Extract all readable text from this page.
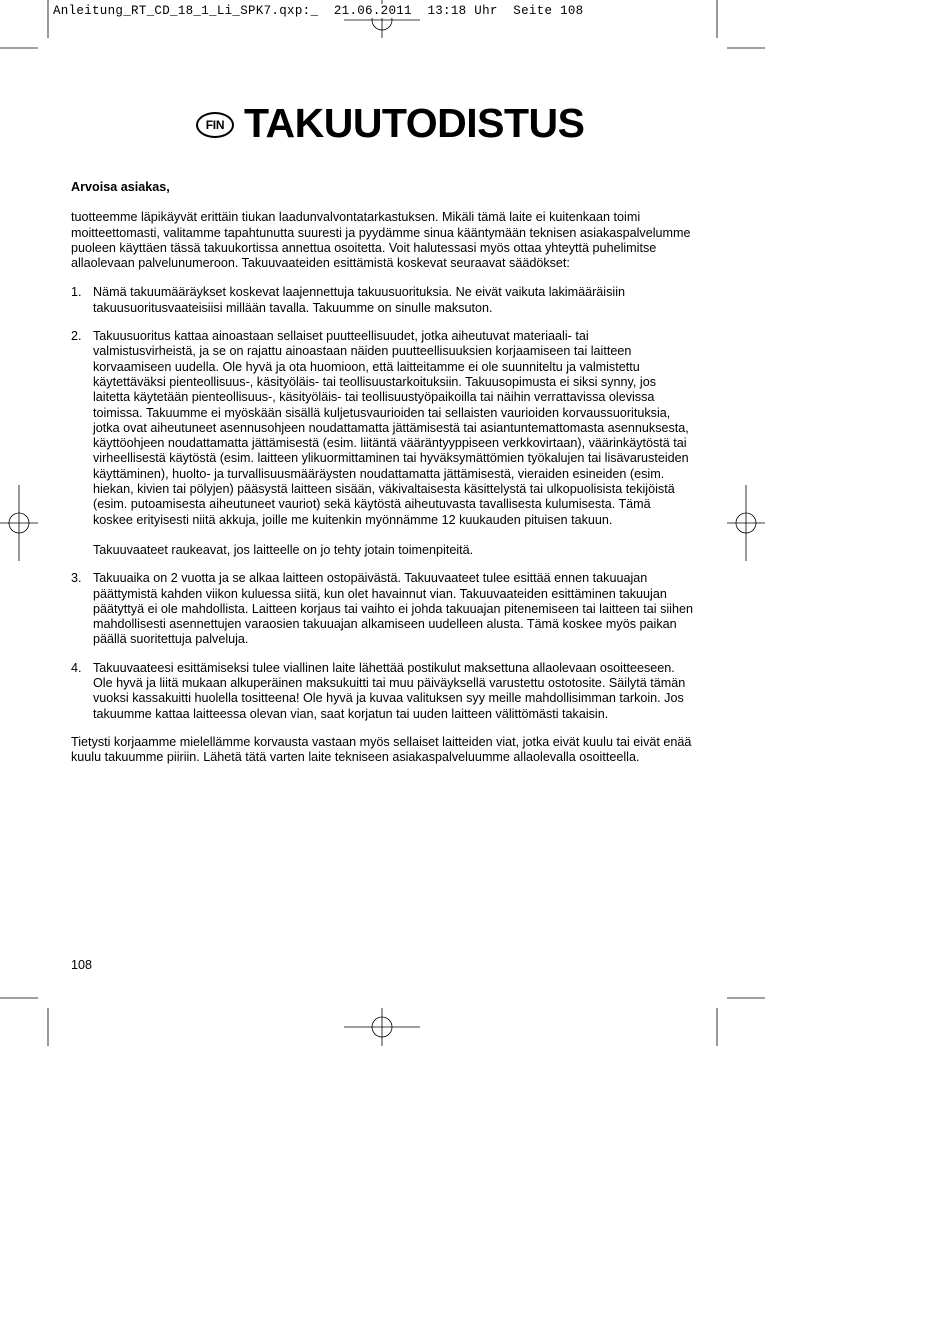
Anleitung_RT_CD_18_1_Li_SPK7.qxp:_  21.06.2011  13:18 Uhr  Seite 108
FIN TAKUUTODISTUS

Arvoisa asiakas,

tuotteemme läpikäyvät erittäin tiukan laadunvalvontatarkastuksen. Mikäli tämä laite ei kuitenkaan toimi moitteettomasti, valitamme tapahtunutta suuresti ja pyydämme sinua kääntymään teknisen asiakaspalvelumme puoleen käyttäen tässä takuukortissa annettua osoitetta. Voit halutessasi myös ottaa yhteyttä puhelimitse allaolevaan palvelunumeroon. Takuuvaateiden esittämistä koskevat seuraavat säädökset:

1. Nämä takuumääräykset koskevat laajennettuja takuusuorituksia. Ne eivät vaikuta lakimääräisiin takuusuoritusvaateisiisi millään tavalla. Takuumme on sinulle maksuton.

2. Takuusuoritus kattaa ainoastaan sellaiset puutteellisuudet, jotka aiheutuvat materiaali- tai valmistusvirheistä, ja se on rajattu ainoastaan näiden puutteellisuuksien korjaamiseen tai laitteen korvaamiseen uudella. Ole hyvä ja ota huomioon, että laitteitamme ei ole suunniteltu ja valmistettu käytettäväksi pienteollisuus-, käsityöläis- tai teollisuustarkoituksiin. Takuusopimusta ei siksi synny, jos laitetta käytetään pienteollisuus-, käsityöläis- tai teollisuustyöpaikoilla tai näihin verrattavissa olevissa toimissa. Takuumme ei myöskään sisällä kuljetusvaurioiden tai sellaisten vaurioiden korvaussuorituksia, jotka ovat aiheutuneet asennusohjeen noudattamatta jättämisestä tai asiantuntemattomasta asennuksesta, käyttöohjeen noudattamatta jättämisestä (esim. liitäntä vääräntyyppiseen verkkovirtaan), väärinkäytöstä tai virheellisestä käytöstä (esim. laitteen ylikuormittaminen tai hyväksymättömien työkalujen tai lisävarusteiden käyttäminen), huolto- ja turvallisuusmääräysten noudattamatta jättämisestä, vieraiden esineiden (esim. hiekan, kivien tai pölyjen) pääsystä laitteen sisään, väkivaltaisesta käsittelystä tai ulkopuolisista tekijöistä (esim. putoamisesta aiheutuneet vauriot) sekä käytöstä aiheutuvasta tavallisesta kulumisesta. Tämä koskee erityisesti niitä akkuja, joille me kuitenkin myönnämme 12 kuukauden pituisen takuun.

Takuuvaateet raukeavat, jos laitteelle on jo tehty jotain toimenpiteitä.

3. Takuuaika on 2 vuotta ja se alkaa laitteen ostopäivästä. Takuuvaateet tulee esittää ennen takuuajan päättymistä kahden viikon kuluessa siitä, kun olet havainnut vian. Takuuvaateiden esittäminen takuujan päätyttyä ei ole mahdollista. Laitteen korjaus tai vaihto ei johda takuuajan pitenemiseen tai laitteen tai siihen mahdollisesti asennettujen varaosien takuuajan alkamiseen uudelleen alusta. Tämä koskee myös paikan päällä suoritettuja palveluja.

4. Takuuvaateesi esittämiseksi tulee viallinen laite lähettää postikulut maksettuna allaolevaan osoitteeseen. Ole hyvä ja liitä mukaan alkuperäinen maksukuitti tai muu päiväyksellä varustettu ostotosite. Säilytä tämän vuoksi kassakuitti huolella tositteena! Ole hyvä ja kuvaa valituksen syy meille mahdollisimman tarkoin. Jos takuumme kattaa laitteessa olevan vian, saat korjatun tai uuden laitteen välittömästi takaisin.

Tietysti korjaamme mielellämme korvausta vastaan myös sellaiset laitteiden viat, jotka eivät kuulu tai eivät enää kuulu takuumme piiriin. Lähetä tätä varten laite tekniseen asiakaspalveluumme allaolevalla osoitteella.

108
